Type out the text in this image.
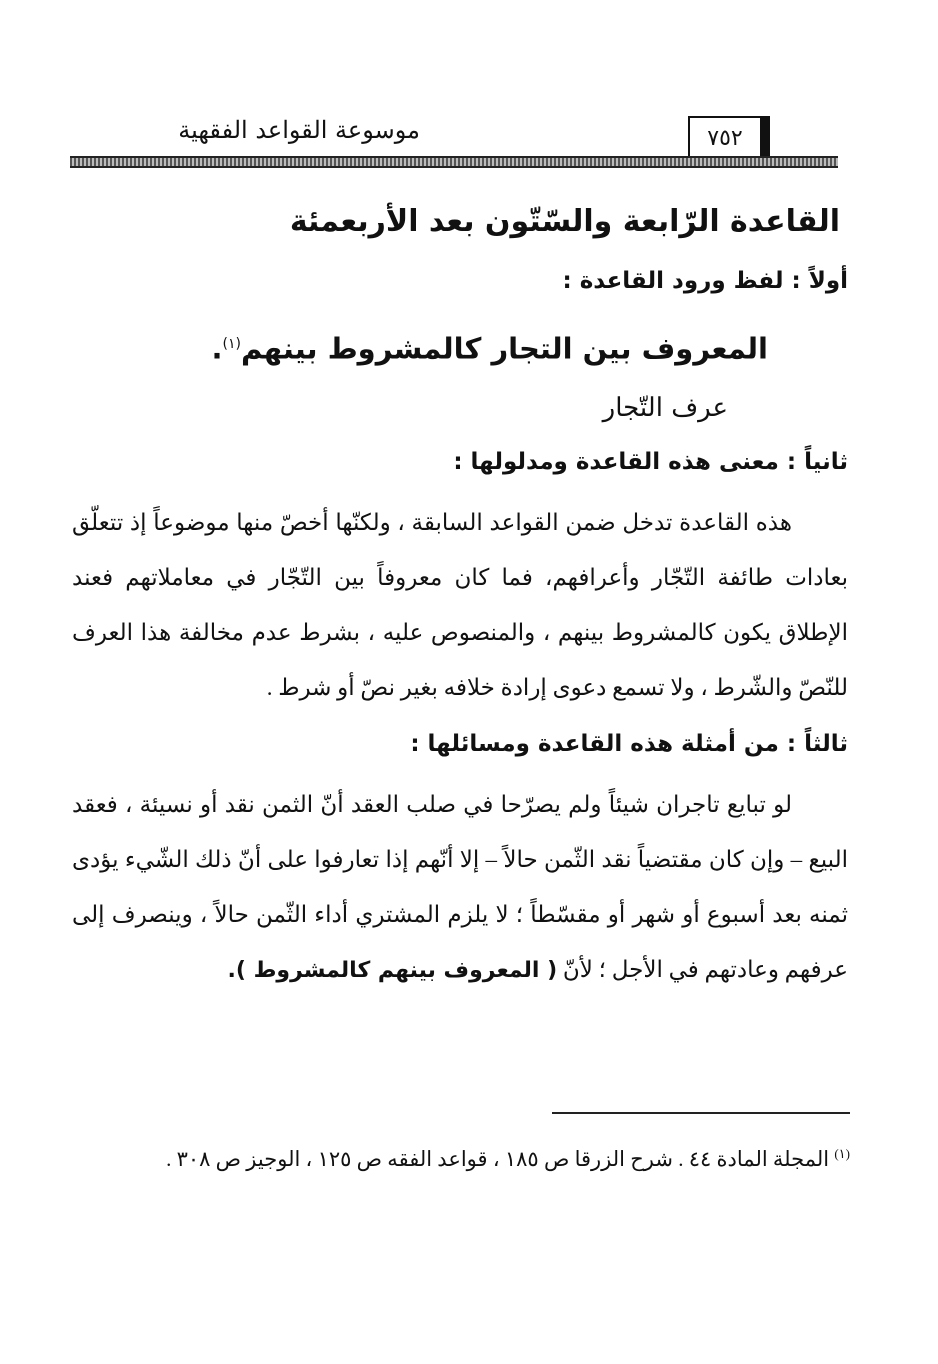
٧٥٢
موسوعة القواعد الفقهية
القاعدة الرّابعة والسّتّون بعد الأربعمئة
أولاً : لفظ ورود القاعدة :

المعروف بين التجار كالمشروط بينهم$^{(١)}$.

عرف التّجار

ثانياً : معنى هذه القاعدة ومدلولها :

هذه القاعدة تدخل ضمن القواعد السابقة ، ولكنّها أخصّ منها موضوعاً إذ تتعلّق بعادات طائفة التّجّار وأعرافهم، فما كان معروفاً بين التّجّار في معاملاتهم فعند الإطلاق يكون كالمشروط بينهم ، والمنصوص عليه ، بشرط عدم مخالفة هذا العرف للنّصّ والشّرط ، ولا تسمع دعوى إرادة خلافه بغير نصّ أو شرط .

ثالثاً : من أمثلة هذه القاعدة ومسائلها :

لو تبايع تاجران شيئاً ولم يصرّحا في صلب العقد أنّ الثمن نقد أو نسيئة ، فعقد البيع – وإن كان مقتضياً نقد الثّمن حالاً – إلا أنّهم إذا تعارفوا على أنّ ذلك الشّيء يؤدى ثمنه بعد أسبوع أو شهر أو مقسّطاً ؛ لا يلزم المشتري أداء الثّمن حالاً ، وينصرف إلى عرفهم وعادتهم في الأجل ؛ لأنّ ( المعروف بينهم كالمشروط ).

$^{(١)}$ المجلة المادة ٤٤ . شرح الزرقا ص ١٨٥ ، قواعد الفقه ص ١٢٥ ، الوجيز ص ٣٠٨ .
